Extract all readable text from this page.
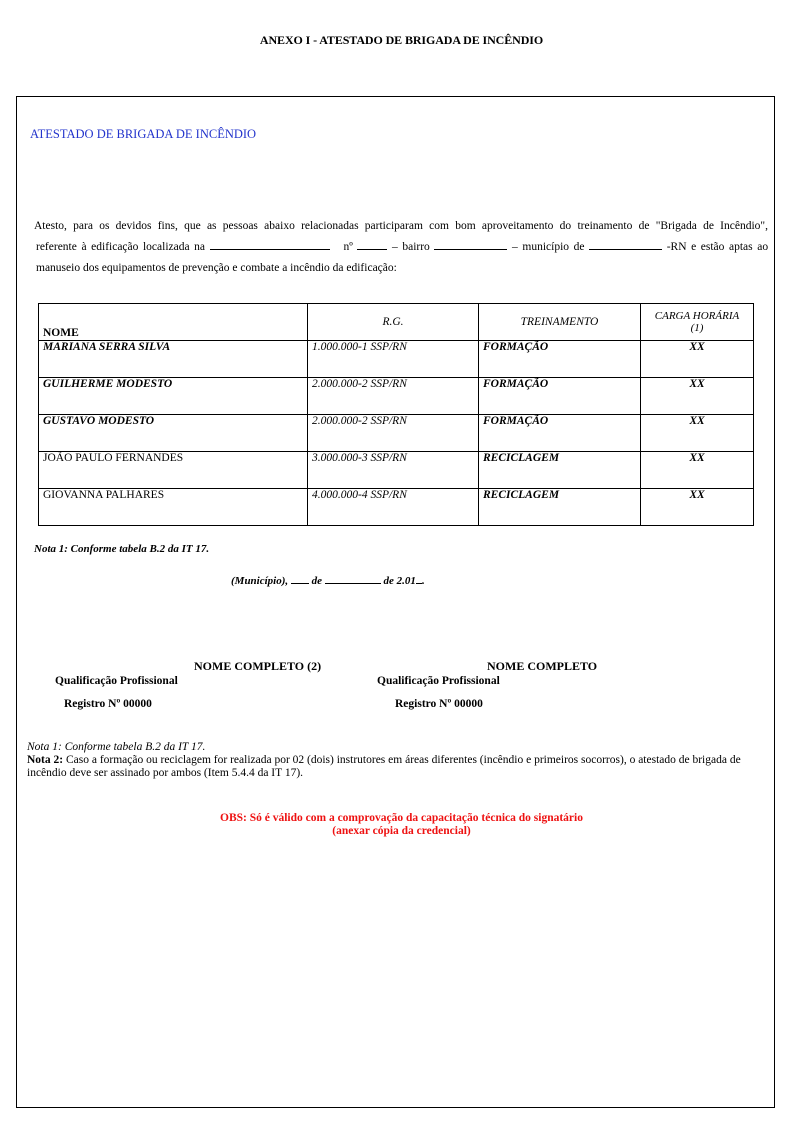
ANEXO I - ATESTADO DE BRIGADA DE INCÊNDIO
ATESTADO DE BRIGADA DE INCÊNDIO
Atesto, para os devidos fins, que as pessoas abaixo relacionadas participaram com bom aproveitamento do treinamento de "Brigada de Incêndio",
referente à edificação localizada na	nº	– bairro	– município de	-RN e estão aptas ao
manuseio dos equipamentos de prevenção e combate a incêndio da edificação:
NOME	R.G.	TREINAMENTO	CARGA HORÁRIA
(1)
MARIANA SERRA SILVA	1.000.000-1 SSP/RN	FORMAÇÃO	XX
GUILHERME MODESTO	2.000.000-2 SSP/RN	FORMAÇÃO	XX
GUSTAVO MODESTO	2.000.000-2 SSP/RN	FORMAÇÃO	XX
JOÃO PAULO FERNANDES	3.000.000-3 SSP/RN	RECICLAGEM	XX
GIOVANNA PALHARES	4.000.000-4 SSP/RN	RECICLAGEM	XX
Nota 1: Conforme tabela B.2 da IT 17.
(Município), de	de 2.01 .
NOME COMPLETO (2)
Qualificação Profissional
Registro Nº 00000
NOME COMPLETO
Qualificação Profissional
Registro Nº 00000
Nota 1: Conforme tabela B.2 da IT 17.
Nota 2: Caso a formação ou reciclagem for realizada por 02 (dois) instrutores em áreas diferentes (incêndio e primeiros socorros), o atestado de brigada de incêndio deve ser assinado por ambos (Item 5.4.4 da IT 17).
OBS: Só é válido com a comprovação da capacitação técnica do signatário
(anexar cópia da credencial)
